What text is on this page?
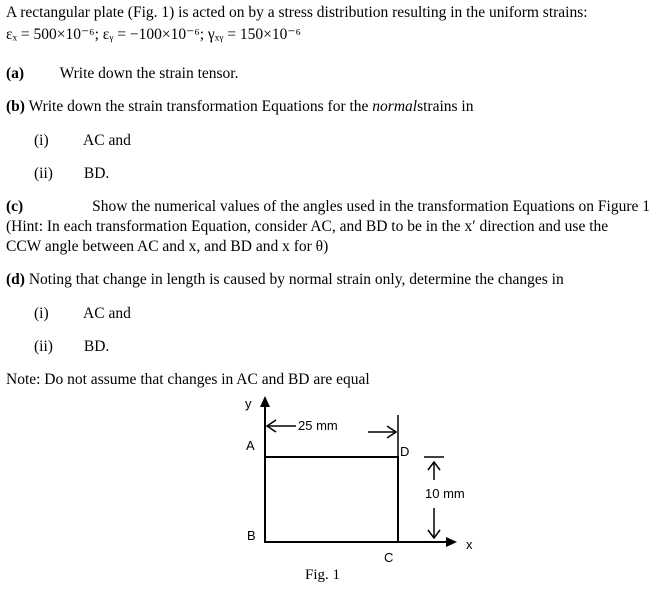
A rectangular plate (Fig. 1) is acted on by a stress distribution resulting in the uniform strains:
εₓ = 500×10⁻⁶; εᵧ = −100×10⁻⁶; γₓᵧ = 150×10⁻⁶
(a) Write down the strain tensor.
(b) Write down the strain transformation Equations for the normalstrains in
(i) AC and
(ii) BD.
(c)	Show the numerical values of the angles used in the transformation Equations on Figure 1
(Hint: In each transformation Equation, consider AC, and BD to be in the x′ direction and use the
CCW angle between AC and x, and BD and x for θ)
(d) Noting that change in length is caused by normal strain only, determine the changes in
(i) AC and
(ii) BD.
Note: Do not assume that changes in AC and BD are equal
y
x
A
B
C
D
25 mm
10 mm
Fig. 1
